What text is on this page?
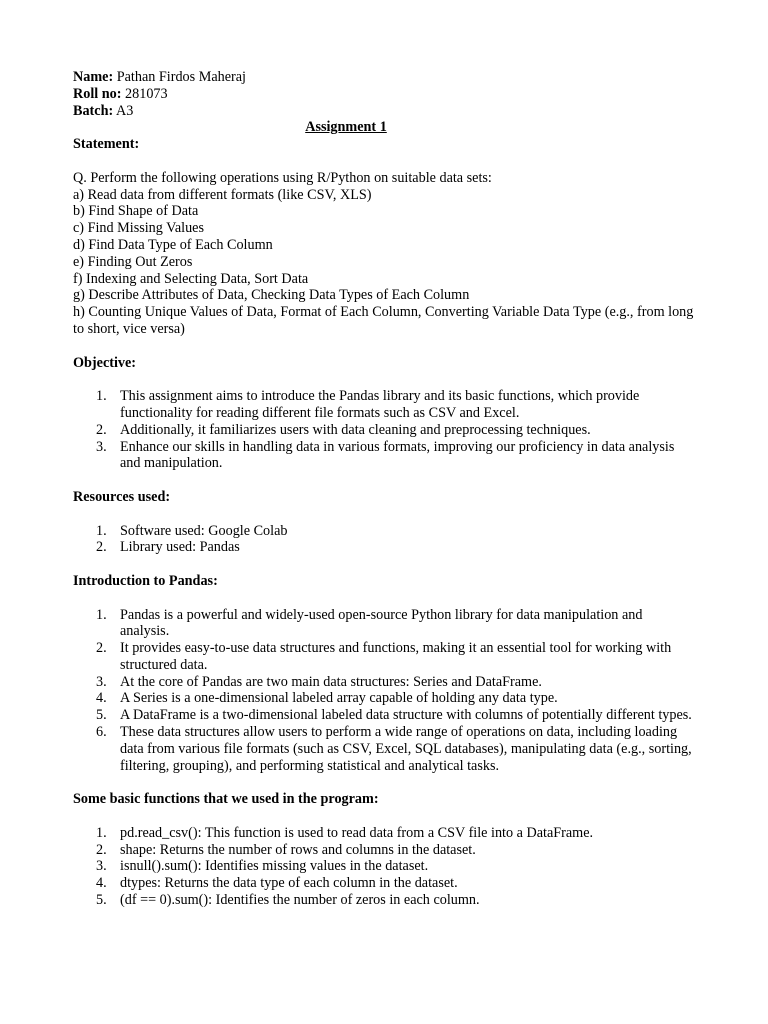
Name: Pathan Firdos Maheraj

Roll no: 281073

Batch: A3

Assignment 1

Statement:

Q. Perform the following operations using R/Python on suitable data sets:

a) Read data from different formats (like CSV, XLS)

b) Find Shape of Data

c) Find Missing Values

d) Find Data Type of Each Column

e) Finding Out Zeros

f) Indexing and Selecting Data, Sort Data

g) Describe Attributes of Data, Checking Data Types of Each Column

h) Counting Unique Values of Data, Format of Each Column, Converting Variable Data Type (e.g., from long to short, vice versa)

Objective:

1. This assignment aims to introduce the Pandas library and its basic functions, which provide functionality for reading different file formats such as CSV and Excel.
2. Additionally, it familiarizes users with data cleaning and preprocessing techniques.
3. Enhance our skills in handling data in various formats, improving our proficiency in data analysis and manipulation.

Resources used:

1. Software used: Google Colab
2. Library used: Pandas

Introduction to Pandas:

1. Pandas is a powerful and widely-used open-source Python library for data manipulation and analysis.
2. It provides easy-to-use data structures and functions, making it an essential tool for working with structured data.
3. At the core of Pandas are two main data structures: Series and DataFrame.
4. A Series is a one-dimensional labeled array capable of holding any data type.
5. A DataFrame is a two-dimensional labeled data structure with columns of potentially different types.
6. These data structures allow users to perform a wide range of operations on data, including loading data from various file formats (such as CSV, Excel, SQL databases), manipulating data (e.g., sorting, filtering, grouping), and performing statistical and analytical tasks.

Some basic functions that we used in the program:

1. pd.read_csv(): This function is used to read data from a CSV file into a DataFrame.
2. shape: Returns the number of rows and columns in the dataset.
3. isnull().sum(): Identifies missing values in the dataset.
4. dtypes: Returns the data type of each column in the dataset.
5. (df == 0).sum(): Identifies the number of zeros in each column.
